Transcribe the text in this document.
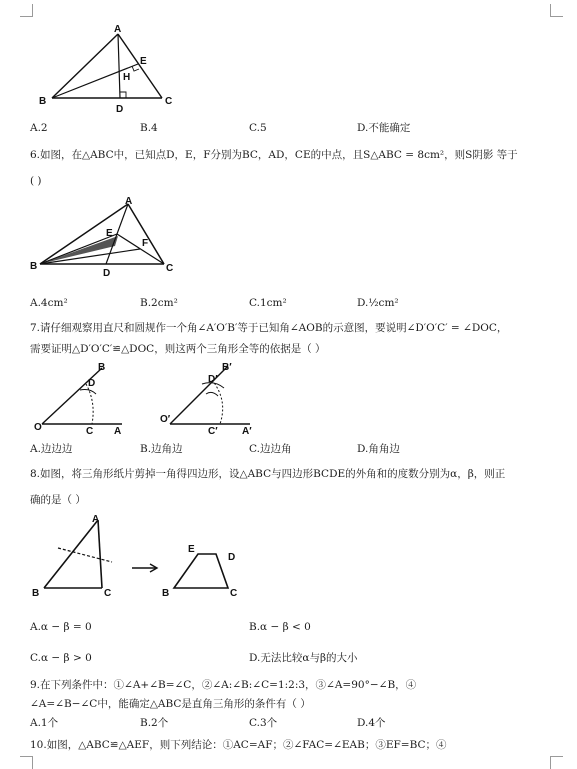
A
E
H
B	C
D
A.2	B.4	C.5	D.不能确定
6.如图，在△ABC中，已知点D，E，F分别为BC，AD，CE的中点，且S△ABC = 8cm²，则S阴影 等于
( )
A
E
F
B	C
D
A.4cm²	B.2cm²	C.1cm²	D.½cm²
7.请仔细观察用直尺和圆规作一个角∠A′O′B′等于已知角∠AOB的示意图，要说明∠D′O′C′ = ∠DOC，
需要证明△D′O′C′≌△DOC，则这两个三角形全等的依据是（ ）
O	C A
D
B
O′
C′ A′
D′
B′
A.边边边	B.边角边	C.边边角	D.角角边
8.如图，将三角形纸片剪掉一角得四边形，设△ABC与四边形BCDE的外角和的度数分别为α，β，则正
确的是（ ）
A
B	C
E
D
B	C
A.α − β = 0	B.α − β < 0
C.α − β > 0	D.无法比较α与β的大小
9.在下列条件中：①∠A+∠B=∠C，②∠A:∠B:∠C=1:2:3，③∠A=90°−∠B，④
∠A=∠B−∠C中，能确定△ABC是直角三角形的条件有（ ）
A.1个	B.2个	C.3个	D.4个
10.如图，△ABC≌△AEF，则下列结论：①AC=AF；②∠FAC=∠EAB；③EF=BC；④
